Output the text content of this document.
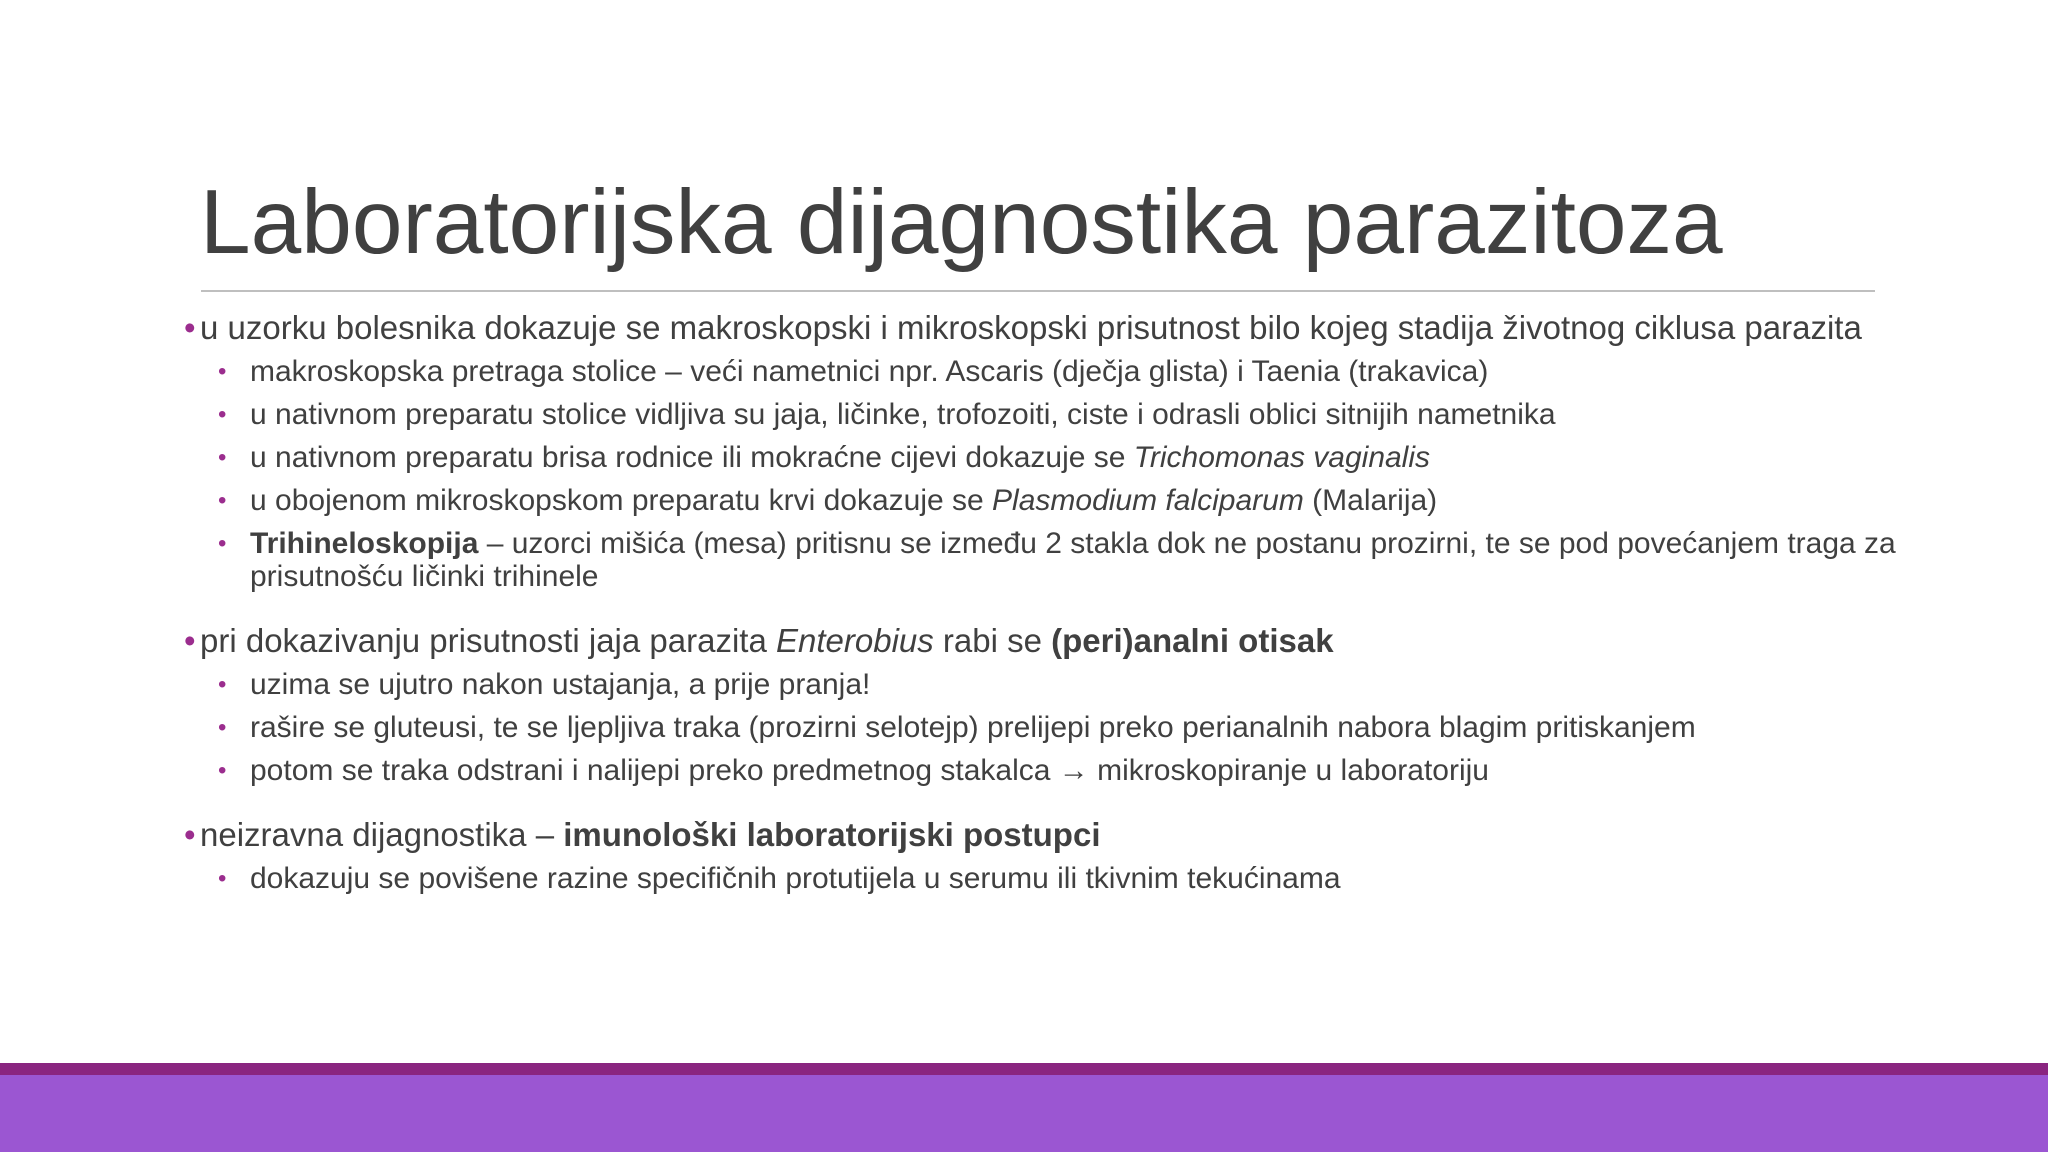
Laboratorijska dijagnostika parazitoza
• u uzorku bolesnika dokazuje se makroskopski i mikroskopski prisutnost bilo kojeg stadija životnog ciklusa parazita
• makroskopska pretraga stolice – veći nametnici npr. Ascaris (dječja glista) i Taenia (trakavica)
• u nativnom preparatu stolice vidljiva su jaja, ličinke, trofozoiti, ciste i odrasli oblici sitnijih nametnika
• u nativnom preparatu brisa rodnice ili mokraćne cijevi dokazuje se Trichomonas vaginalis
• u obojenom mikroskopskom preparatu krvi dokazuje se Plasmodium falciparum (Malarija)
• Trihineloskopija – uzorci mišića (mesa) pritisnu se između 2 stakla dok ne postanu prozirni, te se pod povećanjem traga za prisutnošću ličinki trihinele
• pri dokazivanju prisutnosti jaja parazita Enterobius rabi se (peri)analni otisak
• uzima se ujutro nakon ustajanja, a prije pranja!
• rašire se gluteusi, te se ljepljiva traka (prozirni selotejp) prelijepi preko perianalnih nabora blagim pritiskanjem
• potom se traka odstrani i nalijepi preko predmetnog stakalca → mikroskopiranje u laboratoriju
• neizravna dijagnostika – imunološki laboratorijski postupci
• dokazuju se povišene razine specifičnih protutijela u serumu ili tkivnim tekućinama
